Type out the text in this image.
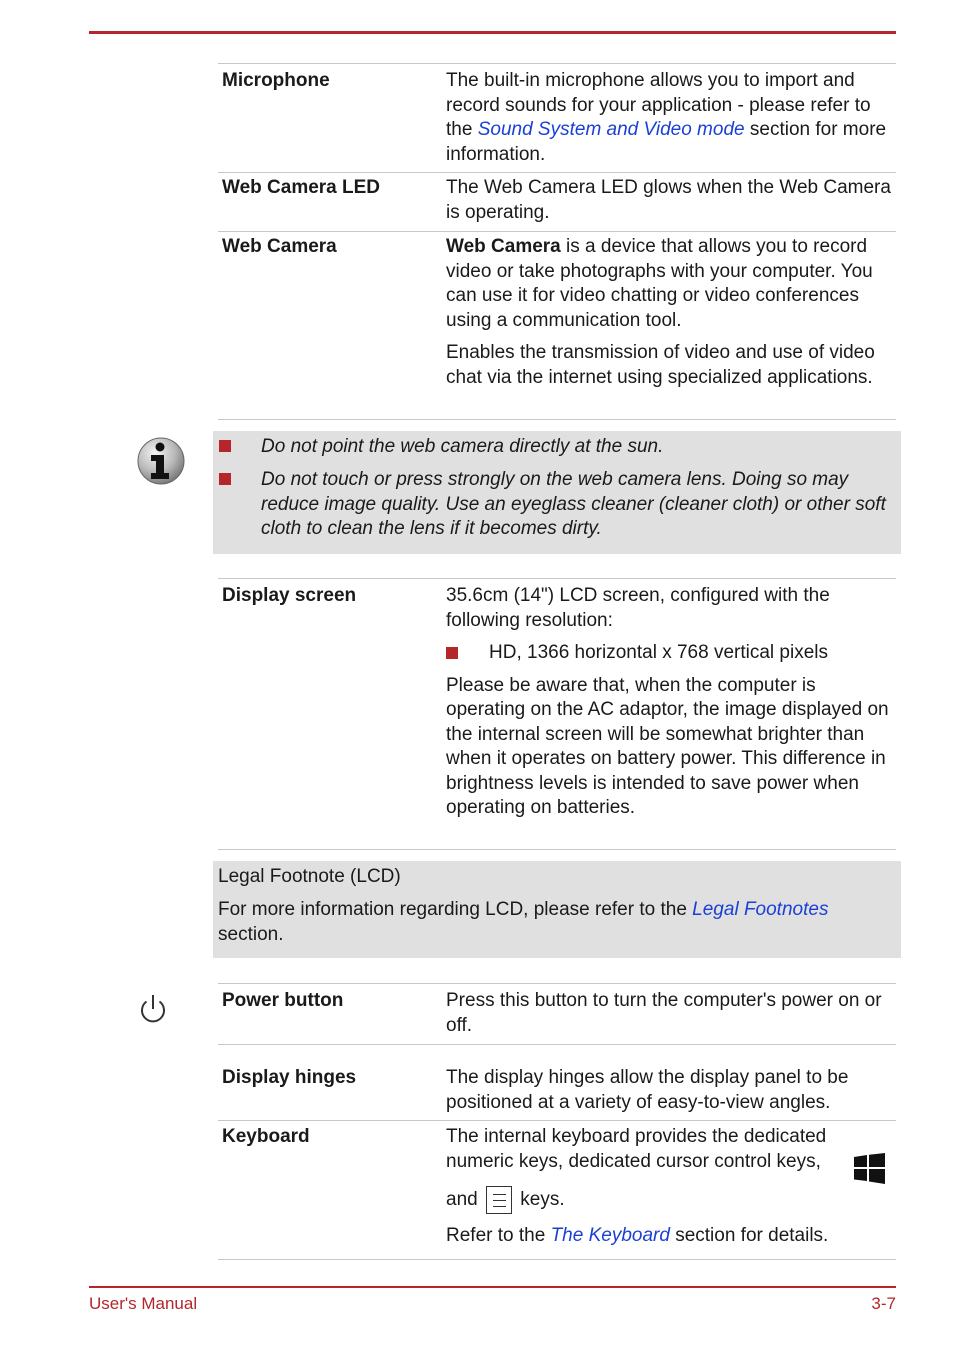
Microphone	The built-in microphone allows you to import and record sounds for your application - please refer to the Sound System and Video mode section for more information.

Web Camera LED	The Web Camera LED glows when the Web Camera is operating.

Web Camera	Web Camera is a device that allows you to record video or take photographs with your computer. You can use it for video chatting or video conferences using a communication tool.

Enables the transmission of video and use of video chat via the internet using specialized applications.

Do not point the web camera directly at the sun.
Do not touch or press strongly on the web camera lens. Doing so may reduce image quality. Use an eyeglass cleaner (cleaner cloth) or other soft cloth to clean the lens if it becomes dirty.
Display screen	35.6cm (14") LCD screen, configured with the following resolution:

HD, 1366 horizontal x 768 vertical pixels

Please be aware that, when the computer is operating on the AC adaptor, the image displayed on the internal screen will be somewhat brighter than when it operates on battery power. This difference in brightness levels is intended to save power when operating on batteries.

Legal Footnote (LCD)
For more information regarding LCD, please refer to the Legal Footnotes
section.
Power button	Press this button to turn the computer's power on or off.

Display hinges	The display hinges allow the display panel to be positioned at a variety of easy-to-view angles.

Keyboard	The internal keyboard provides the dedicated numeric keys, dedicated cursor control keys,
and keys.

Refer to the The Keyboard section for details.

User's Manual	3-7
